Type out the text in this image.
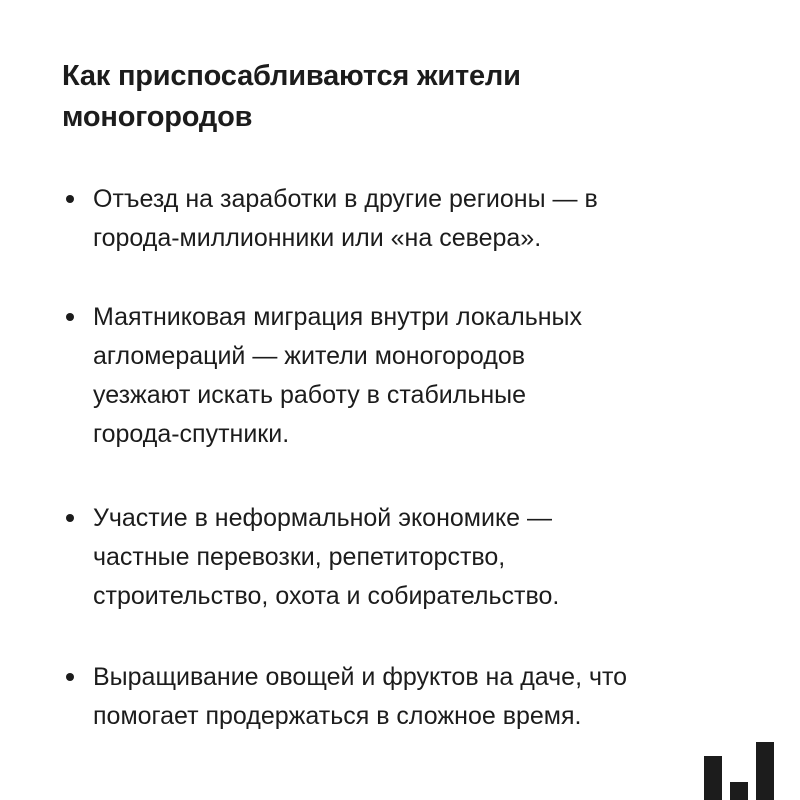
Как приспосабливаются жители
моногородов

Отъезд на заработки в другие регионы — в
города-миллионники или «на севера».

Маятниковая миграция внутри локальных
агломераций — жители моногородов
уезжают искать работу в стабильные
города-спутники.

Участие в неформальной экономике —
частные перевозки, репетиторство,
строительство, охота и собирательство.

Выращивание овощей и фруктов на даче, что
помогает продержаться в сложное время.
